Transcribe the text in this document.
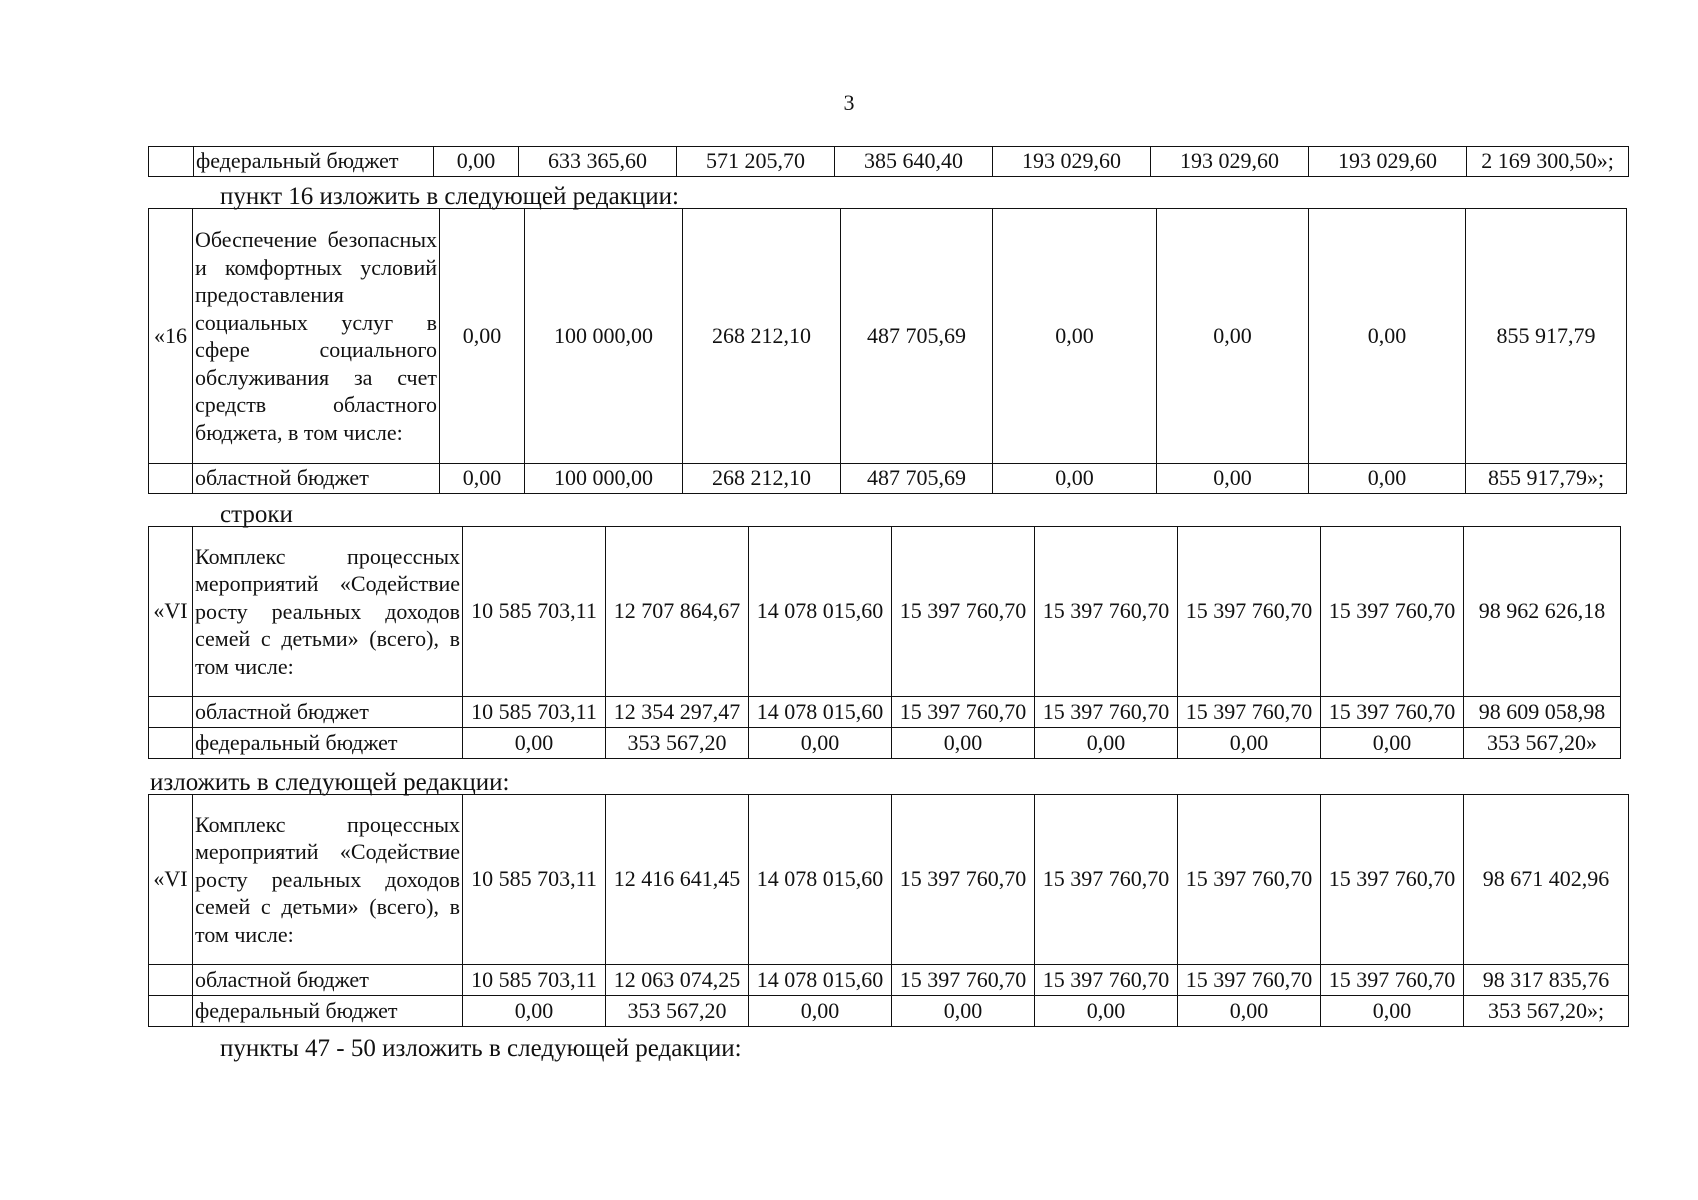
3
	федеральный бюджет	0,00	633 365,60	571 205,70	385 640,40	193 029,60	193 029,60	193 029,60	2 169 300,50»;
пункт 16 изложить в следующей редакции:
«16	Обеспечение безопасных и комфортных условий предоставления социальных услуг в сфере социального обслуживания за счет средств областного бюджета, в том числе:	0,00	100 000,00	268 212,10	487 705,69	0,00	0,00	0,00	855 917,79
	областной бюджет	0,00	100 000,00	268 212,10	487 705,69	0,00	0,00	0,00	855 917,79»;
строки
«VI	Комплекс процессных мероприятий «Содействие росту реальных доходов семей с детьми» (всего), в том числе:	10 585 703,11	12 707 864,67	14 078 015,60	15 397 760,70	15 397 760,70	15 397 760,70	15 397 760,70	98 962 626,18
	областной бюджет	10 585 703,11	12 354 297,47	14 078 015,60	15 397 760,70	15 397 760,70	15 397 760,70	15 397 760,70	98 609 058,98
	федеральный бюджет	0,00	353 567,20	0,00	0,00	0,00	0,00	0,00	353 567,20»
изложить в следующей редакции:
«VI	Комплекс процессных мероприятий «Содействие росту реальных доходов семей с детьми» (всего), в том числе:	10 585 703,11	12 416 641,45	14 078 015,60	15 397 760,70	15 397 760,70	15 397 760,70	15 397 760,70	98 671 402,96
	областной бюджет	10 585 703,11	12 063 074,25	14 078 015,60	15 397 760,70	15 397 760,70	15 397 760,70	15 397 760,70	98 317 835,76
	федеральный бюджет	0,00	353 567,20	0,00	0,00	0,00	0,00	0,00	353 567,20»;
пункты 47 - 50 изложить в следующей редакции:
